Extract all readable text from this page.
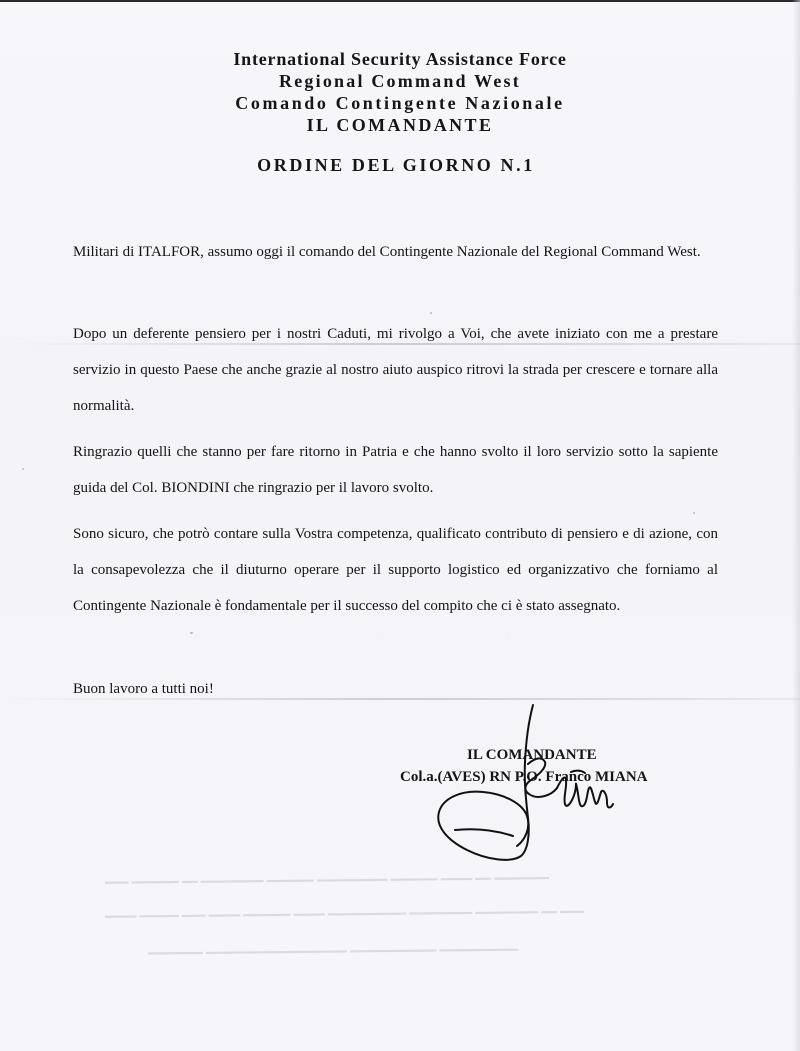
International Security Assistance Force
Regional Command West
Comando Contingente Nazionale
IL COMANDANTE
ORDINE DEL GIORNO N.1

Militari di ITALFOR, assumo oggi il comando del Contingente Nazionale del Regional Command West.

Dopo un deferente pensiero per i nostri Caduti, mi rivolgo a Voi, che avete iniziato con me a prestare servizio in questo Paese che anche grazie al nostro aiuto auspico ritrovi la strada per crescere e tornare alla normalità.

Ringrazio quelli che stanno per fare ritorno in Patria e che hanno svolto il loro servizio sotto la sapiente guida del Col. BIONDINI che ringrazio per il lavoro svolto.

Sono sicuro, che potrò contare sulla Vostra competenza, qualificato contributo di pensiero e di azione, con la consapevolezza che il diuturno operare per il supporto logistico ed organizzativo che forniamo al Contingente Nazionale è fondamentale per il successo del compito che ci è stato assegnato.

Buon lavoro a tutti noi!

IL COMANDANTE
Col.a.(AVES) RN P.O. Franco MIANA
━━━ ━━━━━━ ━━ ━━━━━━━━ ━━━━━━ ━━━━━━━━━ ━━━━━━ ━━━━ ━━ ━━━━━━━
━━━━ ━━━━━ ━━━ ━━━━ ━━━━━━ ━━━━ ━━━━━━━━━━ ━━━━━━━━ ━━━━━━━━ ━━ ━━━
━━━━━━━ ━━━━━━━━━━━━━━━━━━ ━━━━━━━━━━━ ━━━━━━━━━━
